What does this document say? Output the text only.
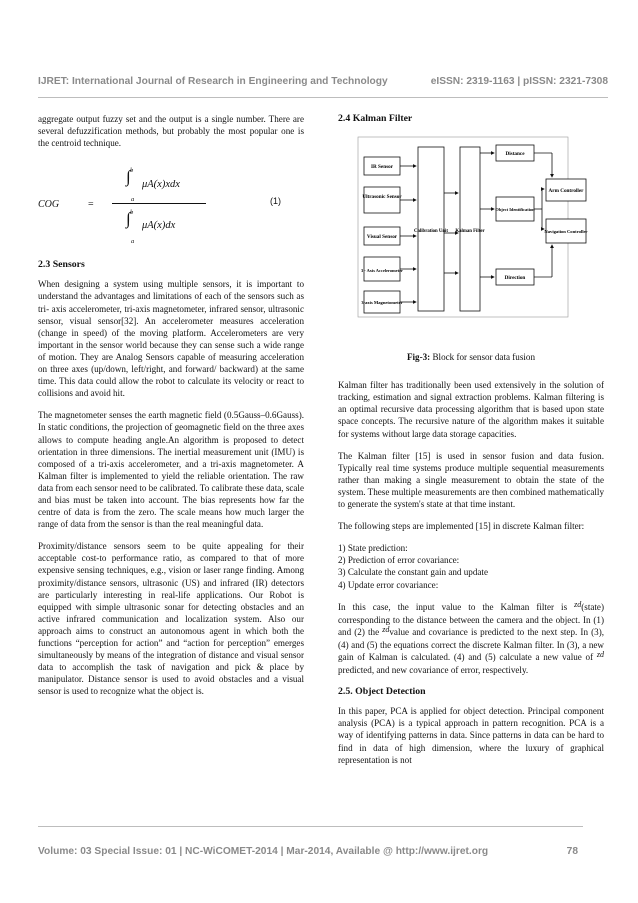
IJRET: International Journal of Research in Engineering and Technology	eISSN: 2319-1163 | pISSN: 2321-7308

aggregate output fuzzy set and the output is a single number. There are several defuzzification methods, but probably the most popular one is the centroid technique.

COG	=
b
∫
a
μA(x)xdx
b
∫
a
μA(x)dx
(1)
2.3 Sensors

When designing a system using multiple sensors, it is important to understand the advantages and limitations of each of the sensors such as tri- axis accelerometer, tri-axis magnetometer, infrared sensor, ultrasonic sensor, visual sensor[32]. An accelerometer measures acceleration (change in speed) of the moving platform. Accelerometers are very important in the sensor world because they can sense such a wide range of motion. They are Analog Sensors capable of measuring acceleration on three axes (up/down, left/right, and forward/ backward) at the same time. This data could allow the robot to calculate its velocity or react to collisions and avoid hit.

The magnetometer senses the earth magnetic field (0.5Gauss–0.6Gauss). In static conditions, the projection of geomagnetic field on the three axes allows to compute heading angle.An algorithm is proposed to detect orientation in three dimensions. The inertial measurement unit (IMU) is composed of a tri-axis accelerometer, and a tri-axis magnetometer. A Kalman filter is implemented to yield the reliable orientation. The raw data from each sensor need to be calibrated. To calibrate these data, scale and bias must be taken into account. The bias represents how far the centre of data is from the zero. The scale means how much larger the range of data from the sensor is than the real meaningful data.

Proximity/distance sensors seem to be quite appealing for their acceptable cost-to performance ratio, as compared to that of more expensive sensing techniques, e.g., vision or laser range finding. Among proximity/distance sensors, ultrasonic (US) and infrared (IR) detectors are particularly interesting in real-life applications. Our Robot is equipped with simple ultrasonic sonar for detecting obstacles and an active infrared communication and localization system. Also our approach aims to construct an autonomous agent in which both the functions “perception for action” and “action for perception” emerges simultaneously by means of the integration of distance and visual sensor data to accomplish the task of navigation and pick & place by manipulator. Distance sensor is used to avoid obstacles and a visual sensor is used to recognize what the object is.

2.4 Kalman Filter
IR Sensor
Ultrasonic Sensor
Visual Sensor
3 - Axis Accelerometer
3-axis Magnetometer
Calibration Unit Kalman Filter
Distance
Object Identification
Direction
Arm Controller
Navigation Controller
Fig-3: Block for sensor data fusion

Kalman filter has traditionally been used extensively in the solution of tracking, estimation and signal extraction problems. Kalman filtering is an optimal recursive data processing algorithm that is based upon state space concepts. The recursive nature of the algorithm makes it suitable for systems without large data storage capacities.

The Kalman filter [15] is used in sensor fusion and data fusion. Typically real time systems produce multiple sequential measurements rather than making a single measurement to obtain the state of the system. These multiple measurements are then combined mathematically to generate the system's state at that time instant.

The following steps are implemented [15] in discrete Kalman filter:

1) State prediction:
2) Prediction of error covariance:
3) Calculate the constant gain and update
4) Update error covariance:

In this case, the input value to the Kalman filter is zd(state) corresponding to the distance between the camera and the object. In (1) and (2) the zdvalue and covariance is predicted to the next step. In (3), (4) and (5) the equations correct the discrete Kalman filter. In (3), a new gain of Kalman is calculated. (4) and (5) calculate a new value of zd predicted, and new covariance of error, respectively.

2.5. Object Detection

In this paper, PCA is applied for object detection. Principal component analysis (PCA) is a typical approach in pattern recognition. PCA is a way of identifying patterns in data. Since patterns in data can be hard to find in data of high dimension, where the luxury of graphical representation is not

Volume: 03 Special Issue: 01 | NC-WiCOMET-2014 | Mar-2014, Available @ http://www.ijret.org	78
